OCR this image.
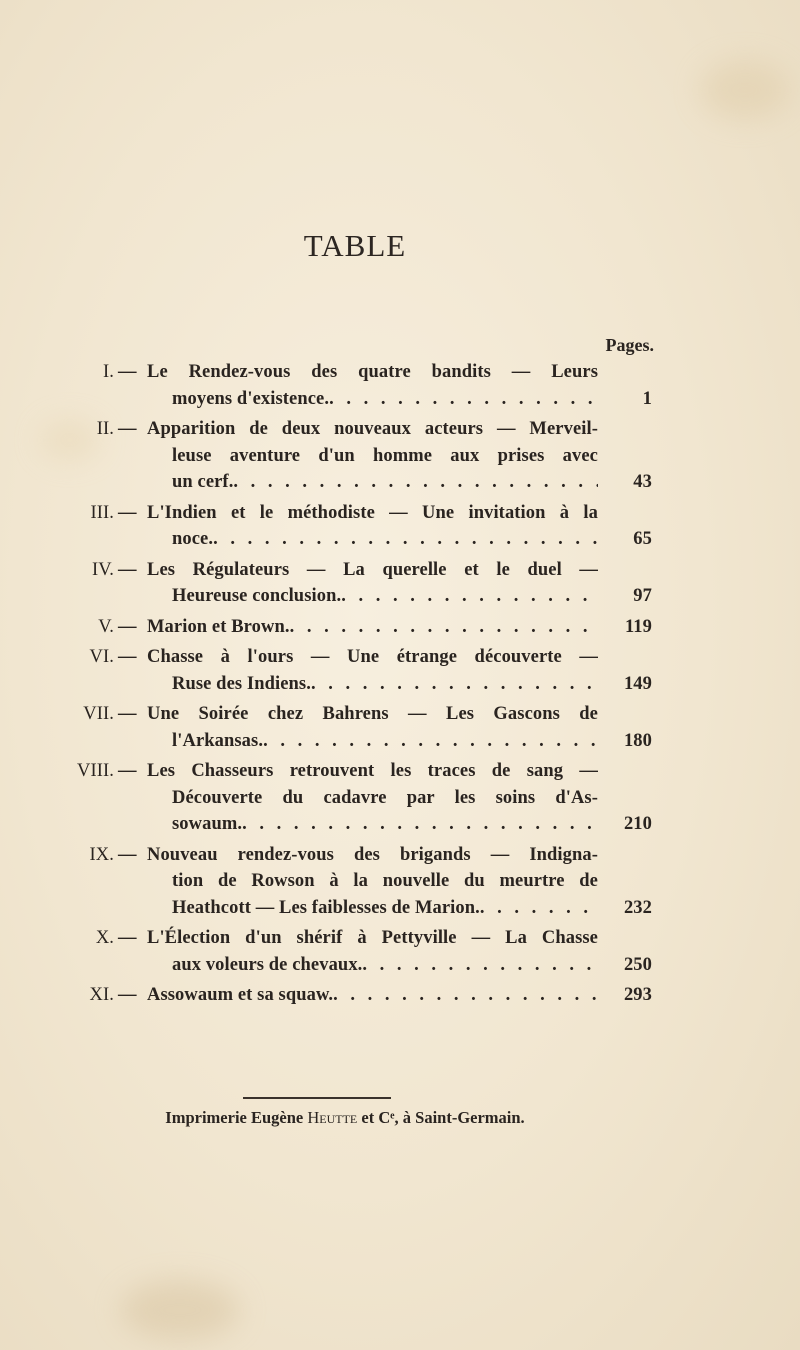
TABLE
Pages.
I. — Le Rendez-vous des quatre bandits — Leurs
moyens d'existence. . . .	1
II. — Apparition de deux nouveaux acteurs — Merveil-
leuse aventure d'un homme aux prises avec
un cerf. . . .	43
III. — L'Indien et le méthodiste — Une invitation à la
noce. . . .	65
IV. — Les Régulateurs — La querelle et le duel —
Heureuse conclusion. . . .	97
V. — Marion et Brown. . . .	119
VI. — Chasse à l'ours — Une étrange découverte —
Ruse des Indiens. . . .	149
VII. — Une Soirée chez Bahrens — Les Gascons de
l'Arkansas. . . .	180
VIII. — Les Chasseurs retrouvent les traces de sang —
Découverte du cadavre par les soins d'As-
sowaum. . . .	210
IX. — Nouveau rendez-vous des brigands — Indigna-
tion de Rowson à la nouvelle du meurtre de
Heathcott — Les faiblesses de Marion. . . .	232
X. — L'Élection d'un shérif à Pettyville — La Chasse
aux voleurs de chevaux. . . .	250
XI. — Assowaum et sa squaw. . . .	293
Imprimerie Eugène Heutte et Cᵉ, à Saint-Germain.
